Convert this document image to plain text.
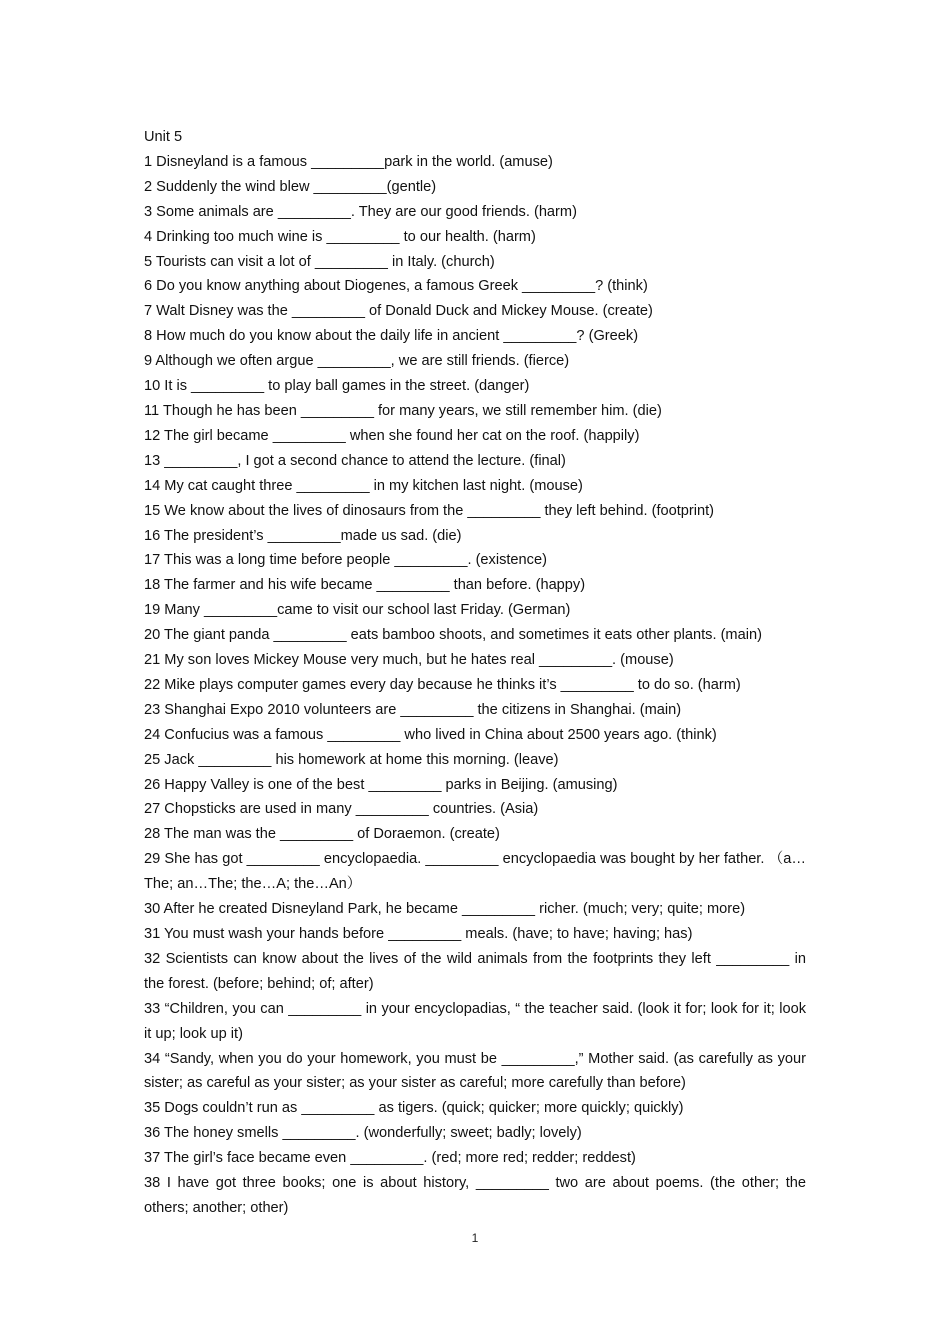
Unit 5
1 Disneyland is a famous _________park in the world. (amuse)
2 Suddenly the wind blew _________(gentle)
3 Some animals are _________. They are our good friends. (harm)
4 Drinking too much wine is _________ to our health. (harm)
5 Tourists can visit a lot of _________ in Italy. (church)
6 Do you know anything about Diogenes, a famous Greek _________? (think)
7 Walt Disney was the _________ of Donald Duck and Mickey Mouse. (create)
8 How much do you know about the daily life in ancient _________? (Greek)
9 Although we often argue _________, we are still friends. (fierce)
10 It is _________ to play ball games in the street. (danger)
11 Though he has been _________ for many years, we still remember him. (die)
12 The girl became _________ when she found her cat on the roof. (happily)
13 _________, I got a second chance to attend the lecture. (final)
14 My cat caught three _________ in my kitchen last night. (mouse)
15 We know about the lives of dinosaurs from the _________ they left behind. (footprint)
16 The president’s _________made us sad. (die)
17 This was a long time before people _________. (existence)
18 The farmer and his wife became _________ than before. (happy)
19 Many _________came to visit our school last Friday. (German)
20 The giant panda _________ eats bamboo shoots, and sometimes it eats other plants. (main)
21 My son loves Mickey Mouse very much, but he hates real _________. (mouse)
22 Mike plays computer games every day because he thinks it’s _________ to do so. (harm)
23 Shanghai Expo 2010 volunteers are _________ the citizens in Shanghai. (main)
24 Confucius was a famous _________ who lived in China about 2500 years ago. (think)
25 Jack _________ his homework at home this morning. (leave)
26 Happy Valley is one of the best _________ parks in Beijing. (amusing)
27 Chopsticks are used in many _________ countries. (Asia)
28 The man was the _________ of Doraemon. (create)
29 She has got _________ encyclopaedia. _________ encyclopaedia was bought by her father. （a…The; an…The; the…A; the…An）
30 After he created Disneyland Park, he became _________ richer. (much; very; quite; more)
31 You must wash your hands before _________ meals. (have; to have; having; has)
32 Scientists can know about the lives of the wild animals from the footprints they left _________ in the forest. (before; behind; of; after)
33 “Children, you can _________ in your encyclopadias, “ the teacher said. (look it for; look for it; look it up; look up it)
34 “Sandy, when you do your homework, you must be _________,” Mother said. (as carefully as your sister; as careful as your sister; as your sister as careful; more carefully than before)
35 Dogs couldn’t run as _________ as tigers. (quick; quicker; more quickly; quickly)
36 The honey smells _________. (wonderfully; sweet; badly; lovely)
37 The girl’s face became even _________. (red; more red; redder; reddest)
38 I have got three books; one is about history, _________ two are about poems. (the other; the others; another; other)
1
